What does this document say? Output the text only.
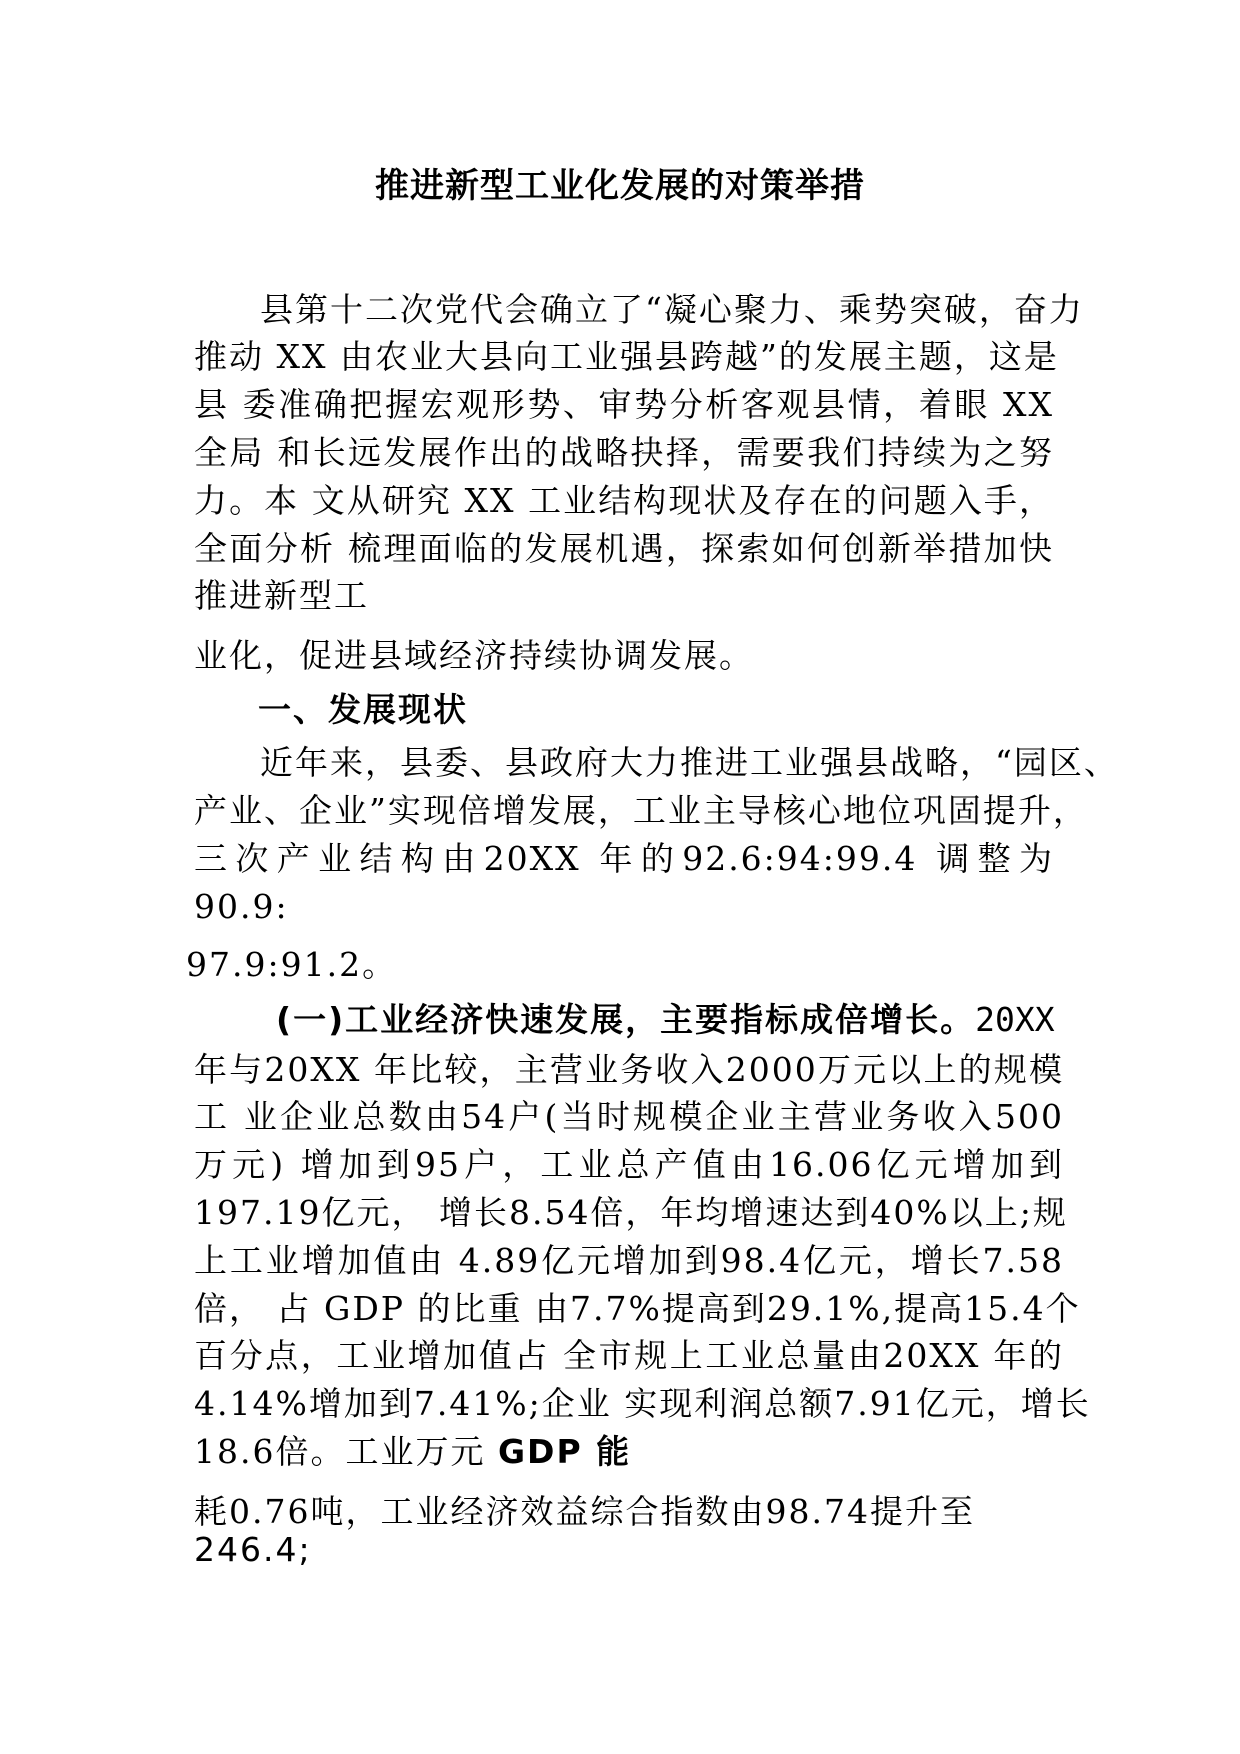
推进新型工业化发展的对策举措
县第十二次党代会确立了“凝心聚力、乘势突破，奋力
推动 XX 由农业大县向工业强县跨越”的发展主题，这是
县 委准确把握宏观形势、审势分析客观县情，着眼 XX
全局 和长远发展作出的战略抉择，需要我们持续为之努
力。本 文从研究 XX 工业结构现状及存在的问题入手，
全面分析 梳理面临的发展机遇，探索如何创新举措加快
推进新型工
业化，促进县域经济持续协调发展。
一、发展现状
近年来，县委、县政府大力推进工业强县战略，“园区、
产业、企业”实现倍增发展，工业主导核心地位巩固提升，
三次产业结构由20XX 年的92.6:94:99.4 调整为
90.9:
97.9:91.2。
(一)工业经济快速发展，主要指标成倍增长。20XX
年与20XX 年比较，主营业务收入2000万元以上的规模
工 业企业总数由54户(当时规模企业主营业务收入500
万元) 增加到95户，工业总产值由16.06亿元增加到
197.19亿元， 增长8.54倍，年均增速达到40%以上;规
上工业增加值由 4.89亿元增加到98.4亿元，增长7.58
倍， 占 GDP 的比重 由7.7%提高到29.1%,提高15.4个
百分点，工业增加值占 全市规上工业总量由20XX 年的
4.14%增加到7.41%;企业 实现利润总额7.91亿元，增长
18.6倍。工业万元 GDP 能
耗0.76吨，工业经济效益综合指数由98.74提升至
246.4;
